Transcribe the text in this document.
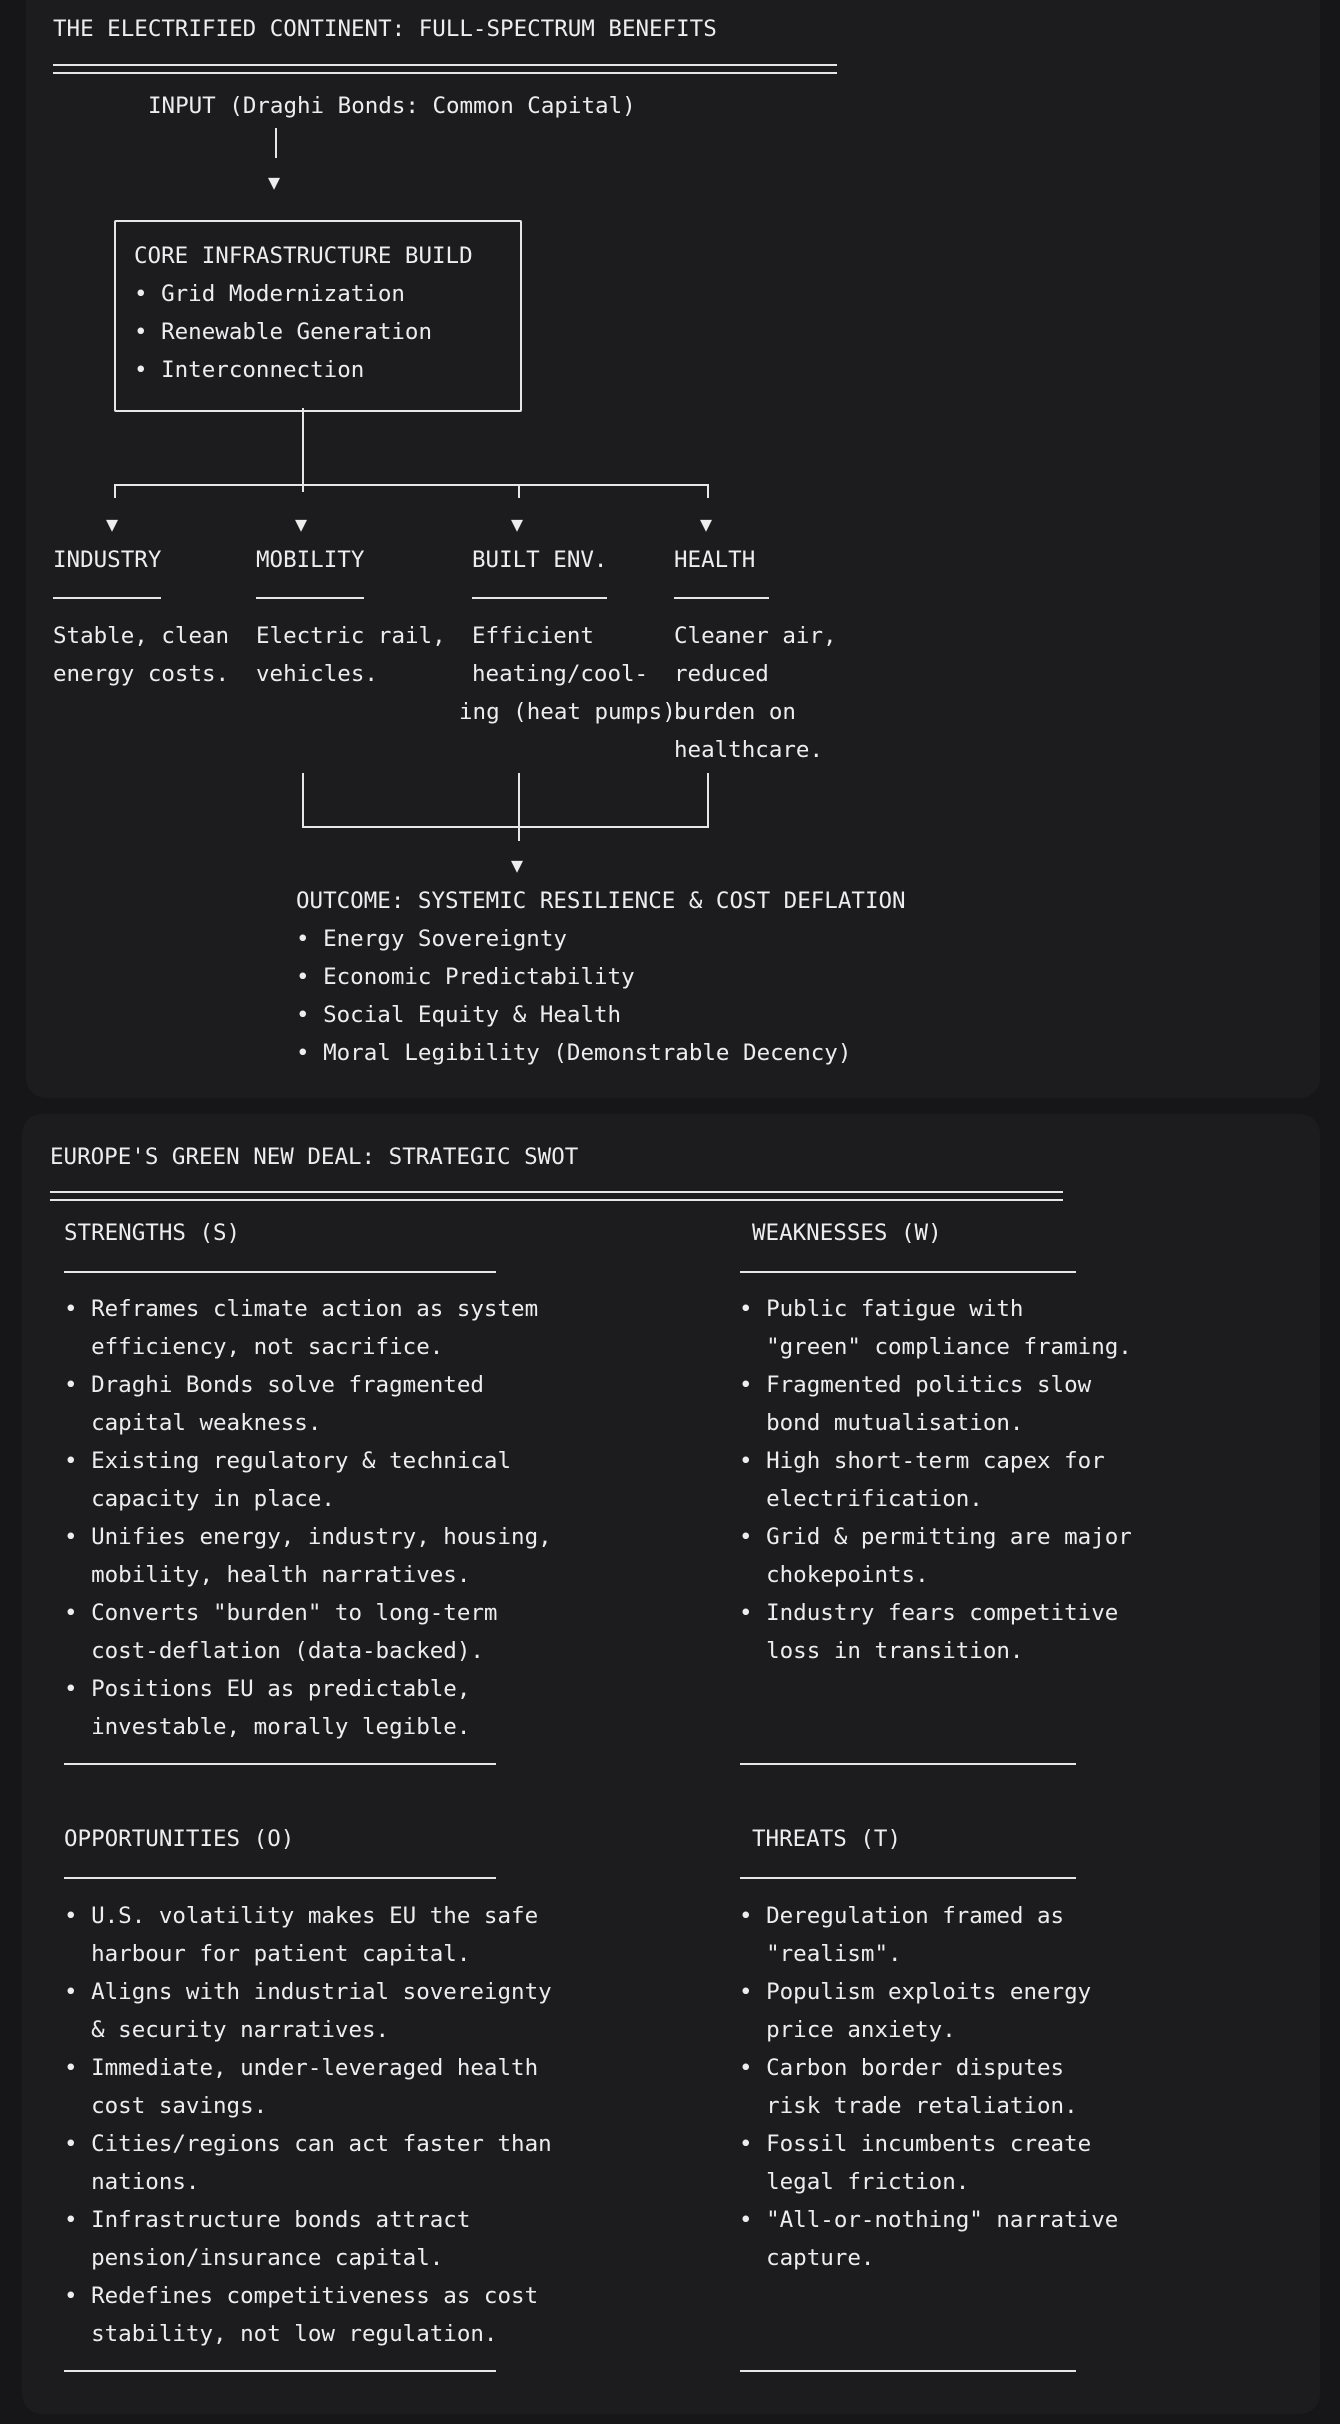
THE ELECTRIFIED CONTINENT: FULL-SPECTRUM BENEFITS
INPUT (Draghi Bonds: Common Capital)
▼
CORE INFRASTRUCTURE BUILD
• Grid Modernization
• Renewable Generation
• Interconnection
▼	▼	▼	▼
INDUSTRY
Stable, clean
energy costs.
MOBILITY
Electric rail,
vehicles.
BUILT ENV.
Efficient
heating/cool-
ing (heat pumps).
HEALTH
Cleaner air,
reduced
burden on
healthcare.
▼
OUTCOME: SYSTEMIC RESILIENCE & COST DEFLATION
• Energy Sovereignty
• Economic Predictability
• Social Equity & Health
• Moral Legibility (Demonstrable Decency)
EUROPE'S GREEN NEW DEAL: STRATEGIC SWOT
STRENGTHS (S)
• Reframes climate action as system
efficiency, not sacrifice.
• Draghi Bonds solve fragmented
capital weakness.
• Existing regulatory & technical
capacity in place.
• Unifies energy, industry, housing,
mobility, health narratives.
• Converts "burden" to long-term
cost-deflation (data-backed).
• Positions EU as predictable,
investable, morally legible.
WEAKNESSES (W)
• Public fatigue with
"green" compliance framing.
• Fragmented politics slow
bond mutualisation.
• High short-term capex for
electrification.
• Grid & permitting are major
chokepoints.
• Industry fears competitive
loss in transition.
OPPORTUNITIES (O)
• U.S. volatility makes EU the safe
harbour for patient capital.
• Aligns with industrial sovereignty
& security narratives.
• Immediate, under-leveraged health
cost savings.
• Cities/regions can act faster than
nations.
• Infrastructure bonds attract
pension/insurance capital.
• Redefines competitiveness as cost
stability, not low regulation.
THREATS (T)
• Deregulation framed as
"realism".
• Populism exploits energy
price anxiety.
• Carbon border disputes
risk trade retaliation.
• Fossil incumbents create
legal friction.
• "All-or-nothing" narrative
capture.
